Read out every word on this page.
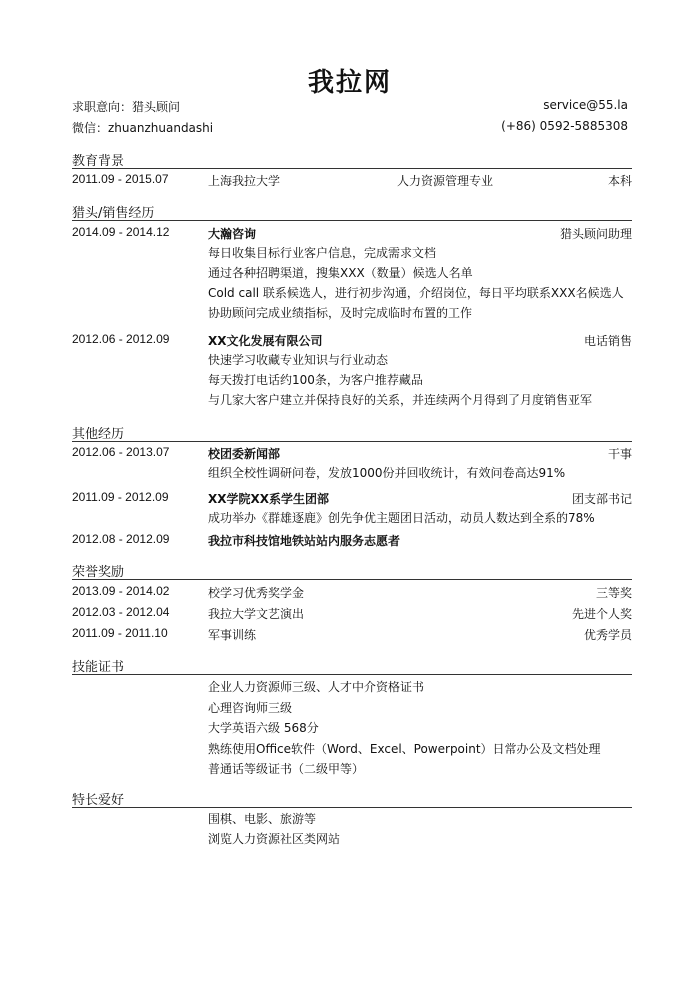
我拉网
求职意向：猎头顾问	service@55.la
微信：zhuanzhuandashi	(+86) 0592-5885308
教育背景
2011.09 - 2015.07	上海我拉大学	人力资源管理专业	本科
猎头/销售经历
2014.09 - 2014.12	大瀚咨询	猎头顾问助理
每日收集目标行业客户信息，完成需求文档
通过各种招聘渠道，搜集XXX（数量）候选人名单
Cold call 联系候选人，进行初步沟通，介绍岗位，每日平均联系XXX名候选人
协助顾问完成业绩指标，及时完成临时布置的工作
2012.06 - 2012.09	XX文化发展有限公司	电话销售
快速学习收藏专业知识与行业动态
每天拨打电话约100条，为客户推荐藏品
与几家大客户建立并保持良好的关系，并连续两个月得到了月度销售亚军
其他经历
2012.06 - 2013.07	校团委新闻部	干事
组织全校性调研问卷，发放1000份并回收统计，有效问卷高达91%
2011.09 - 2012.09	XX学院XX系学生团部	团支部书记
成功举办《群雄逐鹿》创先争优主题团日活动，动员人数达到全系的78%
2012.08 - 2012.09	我拉市科技馆地铁站站内服务志愿者
荣誉奖励
2013.09 - 2014.02	校学习优秀奖学金	三等奖
2012.03 - 2012.04	我拉大学文艺演出	先进个人奖
2011.09 - 2011.10	军事训练	优秀学员
技能证书
企业人力资源师三级、人才中介资格证书
心理咨询师三级
大学英语六级 568分
熟练使用Office软件（Word、Excel、Powerpoint）日常办公及文档处理
普通话等级证书（二级甲等）
特长爱好
围棋、电影、旅游等
浏览人力资源社区类网站
